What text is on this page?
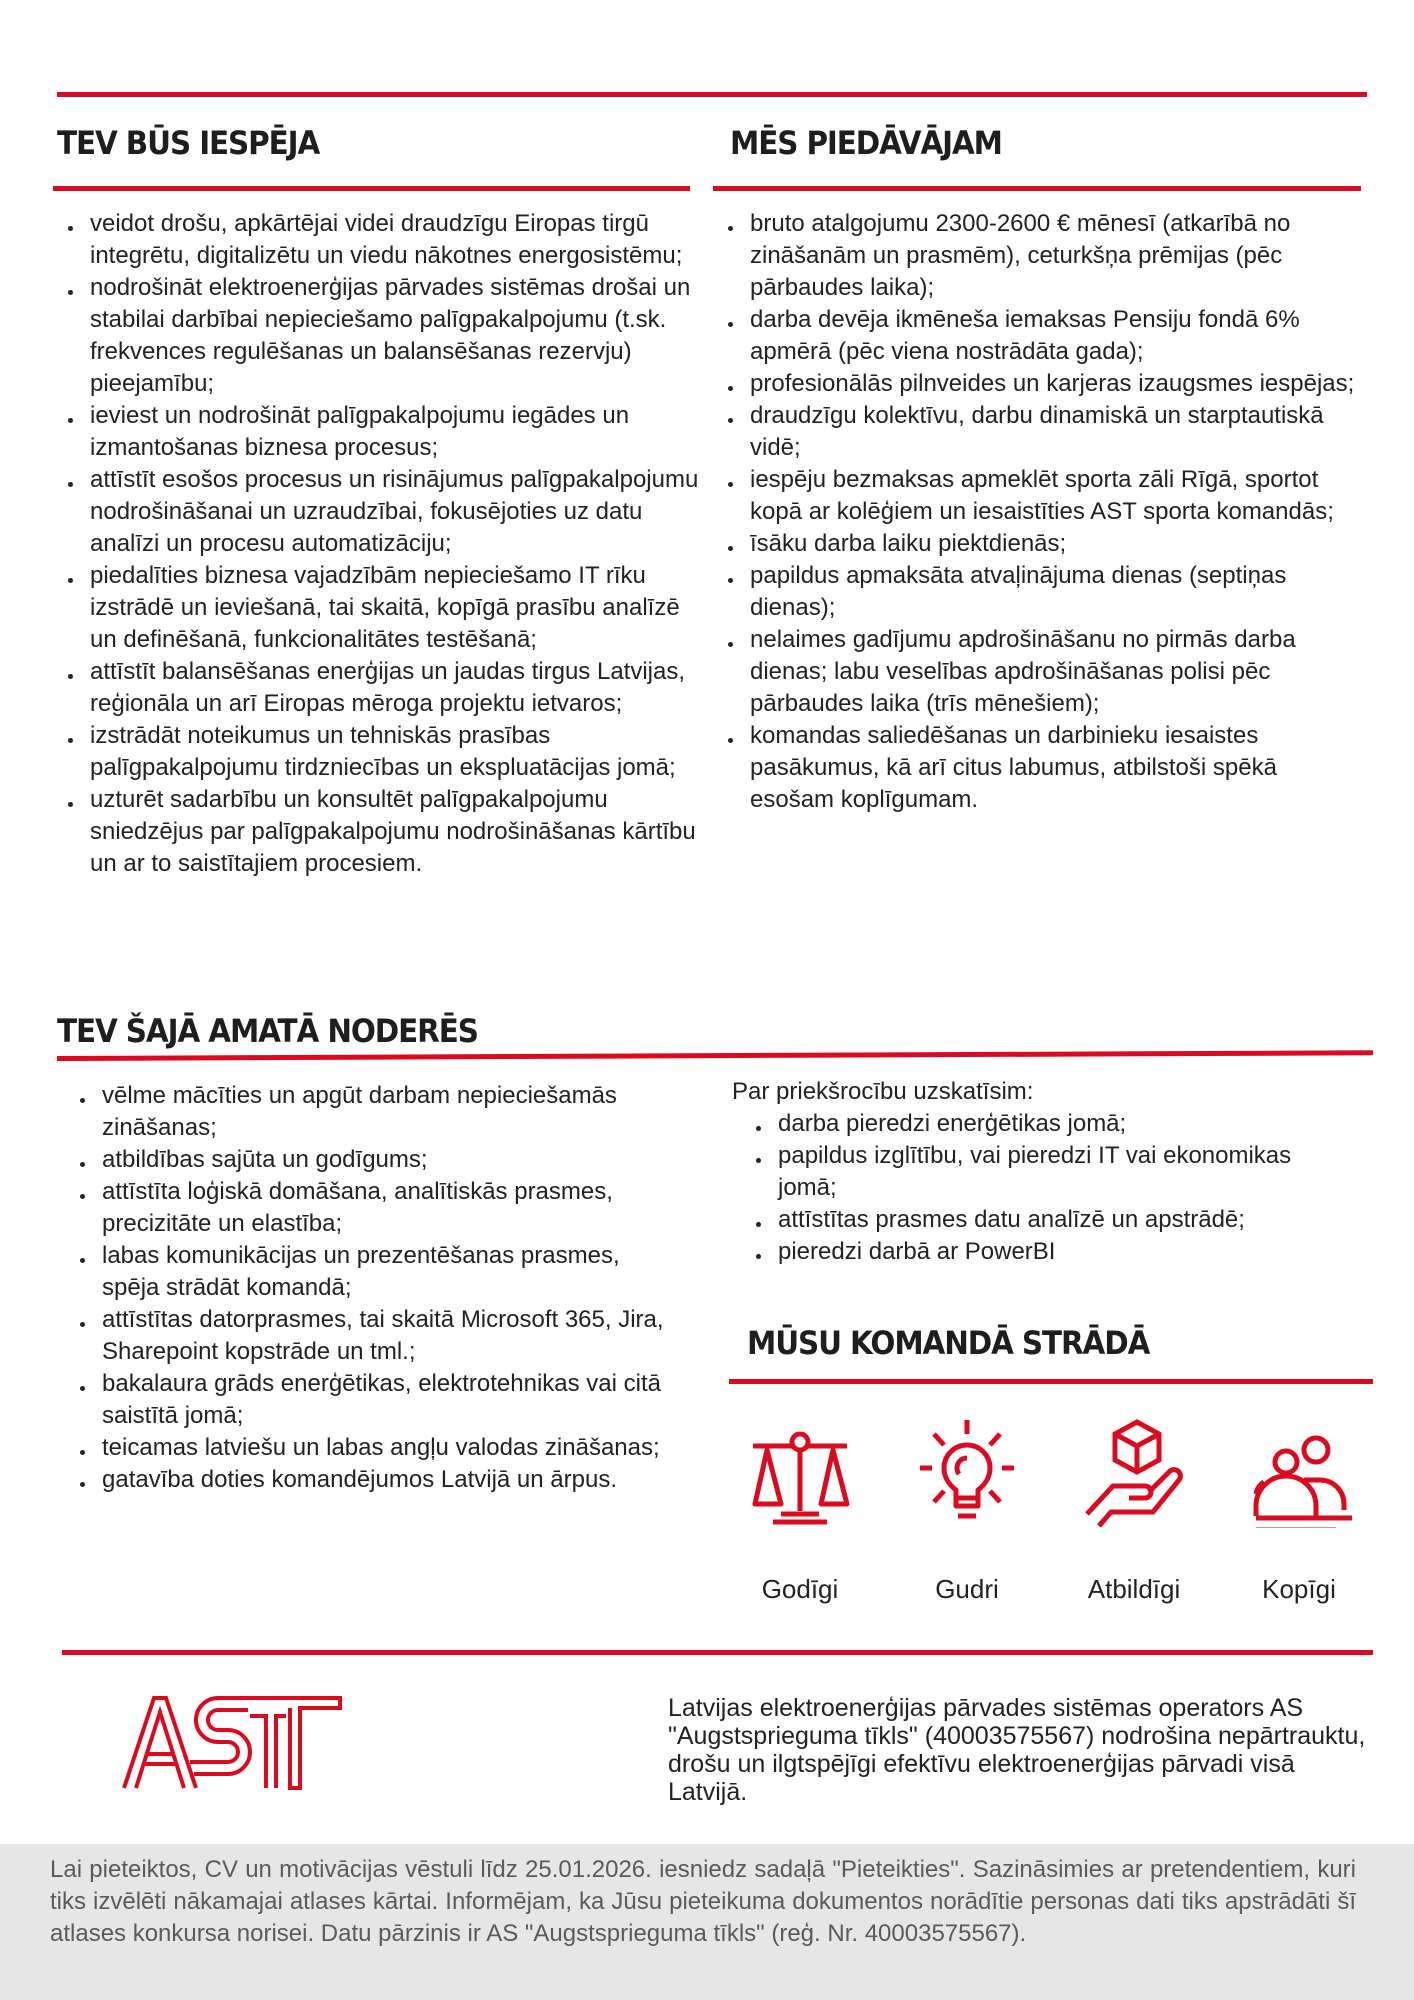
TEV BŪS IESPĒJA
veidot drošu, apkārtējai videi draudzīgu Eiropas tirgū integrētu, digitalizētu un viedu nākotnes energosistēmu;
nodrošināt elektroenerģijas pārvades sistēmas drošai un stabilai darbībai nepieciešamo palīgpakalpojumu (t.sk. frekvences regulēšanas un balansēšanas rezervju) pieejamību;
ieviest un nodrošināt palīgpakalpojumu iegādes un izmantošanas biznesa procesus;
attīstīt esošos procesus un risinājumus palīgpakalpojumu nodrošināšanai un uzraudzībai, fokusējoties uz datu analīzi un procesu automatizāciju;
piedalīties biznesa vajadzībām nepieciešamo IT rīku izstrādē un ieviešanā, tai skaitā, kopīgā prasību analīzē un definēšanā, funkcionalitātes testēšanā;
attīstīt balansēšanas enerģijas un jaudas tirgus Latvijas, reģionāla un arī Eiropas mēroga projektu ietvaros;
izstrādāt noteikumus un tehniskās prasības palīgpakalpojumu tirdzniecības un ekspluatācijas jomā;
uzturēt sadarbību un konsultēt palīgpakalpojumu sniedzējus par palīgpakalpojumu nodrošināšanas kārtību un ar to saistītajiem procesiem.
MĒS PIEDĀVĀJAM
bruto atalgojumu 2300-2600 € mēnesī (atkarībā no zināšanām un prasmēm), ceturkšņa prēmijas (pēc pārbaudes laika);
darba devēja ikmēneša iemaksas Pensiju fondā 6% apmērā (pēc viena nostrādāta gada);
profesionālās pilnveides un karjeras izaugsmes iespējas;
draudzīgu kolektīvu, darbu dinamiskā un starptautiskā vidē;
iespēju bezmaksas apmeklēt sporta zāli Rīgā, sportot kopā ar kolēģiem un iesaistīties AST sporta komandās;
īsāku darba laiku piektdienās;
papildus apmaksāta atvaļinājuma dienas (septiņas dienas);
nelaimes gadījumu apdrošināšanu no pirmās darba dienas; labu veselības apdrošināšanas polisi pēc pārbaudes laika (trīs mēnešiem);
komandas saliedēšanas un darbinieku iesaistes pasākumus, kā arī citus labumus, atbilstoši spēkā esošam koplīgumam.
TEV ŠAJĀ AMATĀ NODERĒS
vēlme mācīties un apgūt darbam nepieciešamās zināšanas;
atbildības sajūta un godīgums;
attīstīta loģiskā domāšana, analītiskās prasmes, precizitāte un elastība;
labas komunikācijas un prezentēšanas prasmes, spēja strādāt komandā;
attīstītas datorprasmes, tai skaitā Microsoft 365, Jira, Sharepoint kopstrāde un tml.;
bakalaura grāds enerģētikas, elektrotehnikas vai citā saistītā jomā;
teicamas latviešu un labas angļu valodas zināšanas;
gatavība doties komandējumos Latvijā un ārpus.
Par priekšrocību uzskatīsim:
darba pieredzi enerģētikas jomā;
papildus izglītību, vai pieredzi IT vai ekonomikas jomā;
attīstītas prasmes datu analīzē un apstrādē;
pieredzi darbā ar PowerBI
MŪSU KOMANDĀ STRĀDĀ
Godīgi	Gudri	Atbildīgi	Kopīgi
Latvijas elektroenerģijas pārvades sistēmas operators AS "Augstsprieguma tīkls" (40003575567) nodrošina nepārtrauktu, drošu un ilgtspējīgi efektīvu elektroenerģijas pārvadi visā Latvijā.
Lai pieteiktos, CV un motivācijas vēstuli līdz 25.01.2026. iesniedz sadaļā "Pieteikties". Sazināsimies ar pretendentiem, kuri tiks izvēlēti nākamajai atlases kārtai. Informējam, ka Jūsu pieteikuma dokumentos norādītie personas dati tiks apstrādāti šī atlases konkursa norisei. Datu pārzinis ir AS "Augstsprieguma tīkls" (reģ. Nr. 40003575567).
